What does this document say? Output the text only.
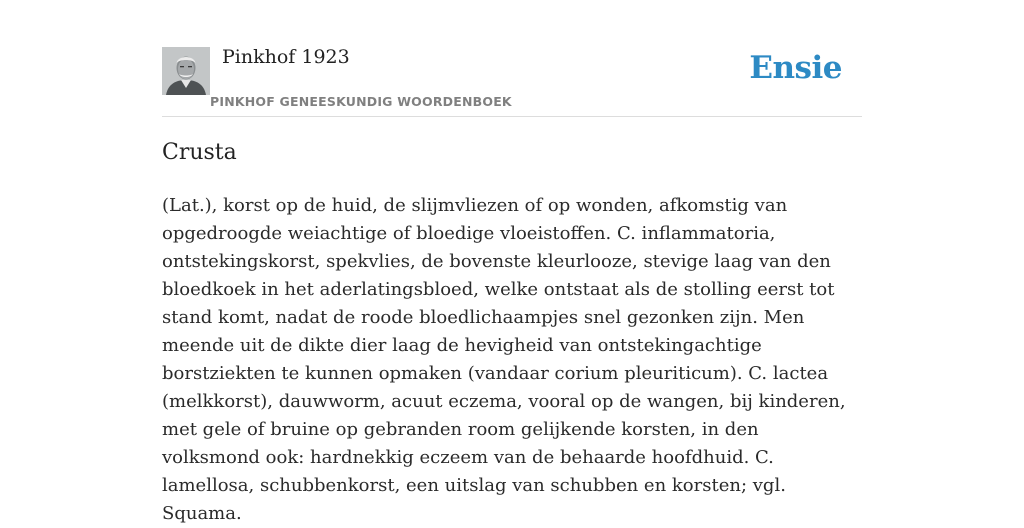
Pinkhof 1923
PINKHOF GENEESKUNDIG WOORDENBOEK
Ensie
Crusta

(Lat.), korst op de huid, de slijmvliezen of op wonden, afkomstig van opgedroogde weiachtige of bloedige vloeistoffen. C. inflammatoria, ontstekingskorst, spekvlies, de bovenste kleurlooze, stevige laag van den bloedkoek in het aderlatingsbloed, welke ontstaat als de stolling eerst tot stand komt, nadat de roode bloedlichaampjes snel gezonken zijn. Men meende uit de dikte dier laag de hevigheid van ontstekingachtige borstziekten te kunnen opmaken (vandaar corium pleuriticum). C. lactea (melkkorst), dauwworm, acuut eczema, vooral op de wangen, bij kinderen, met gele of bruine op gebranden room gelijkende korsten, in den volksmond ook: hardnekkig eczeem van de behaarde hoofdhuid. C. lamellosa, schubbenkorst, een uitslag van schubben en korsten; vgl. Squama.
